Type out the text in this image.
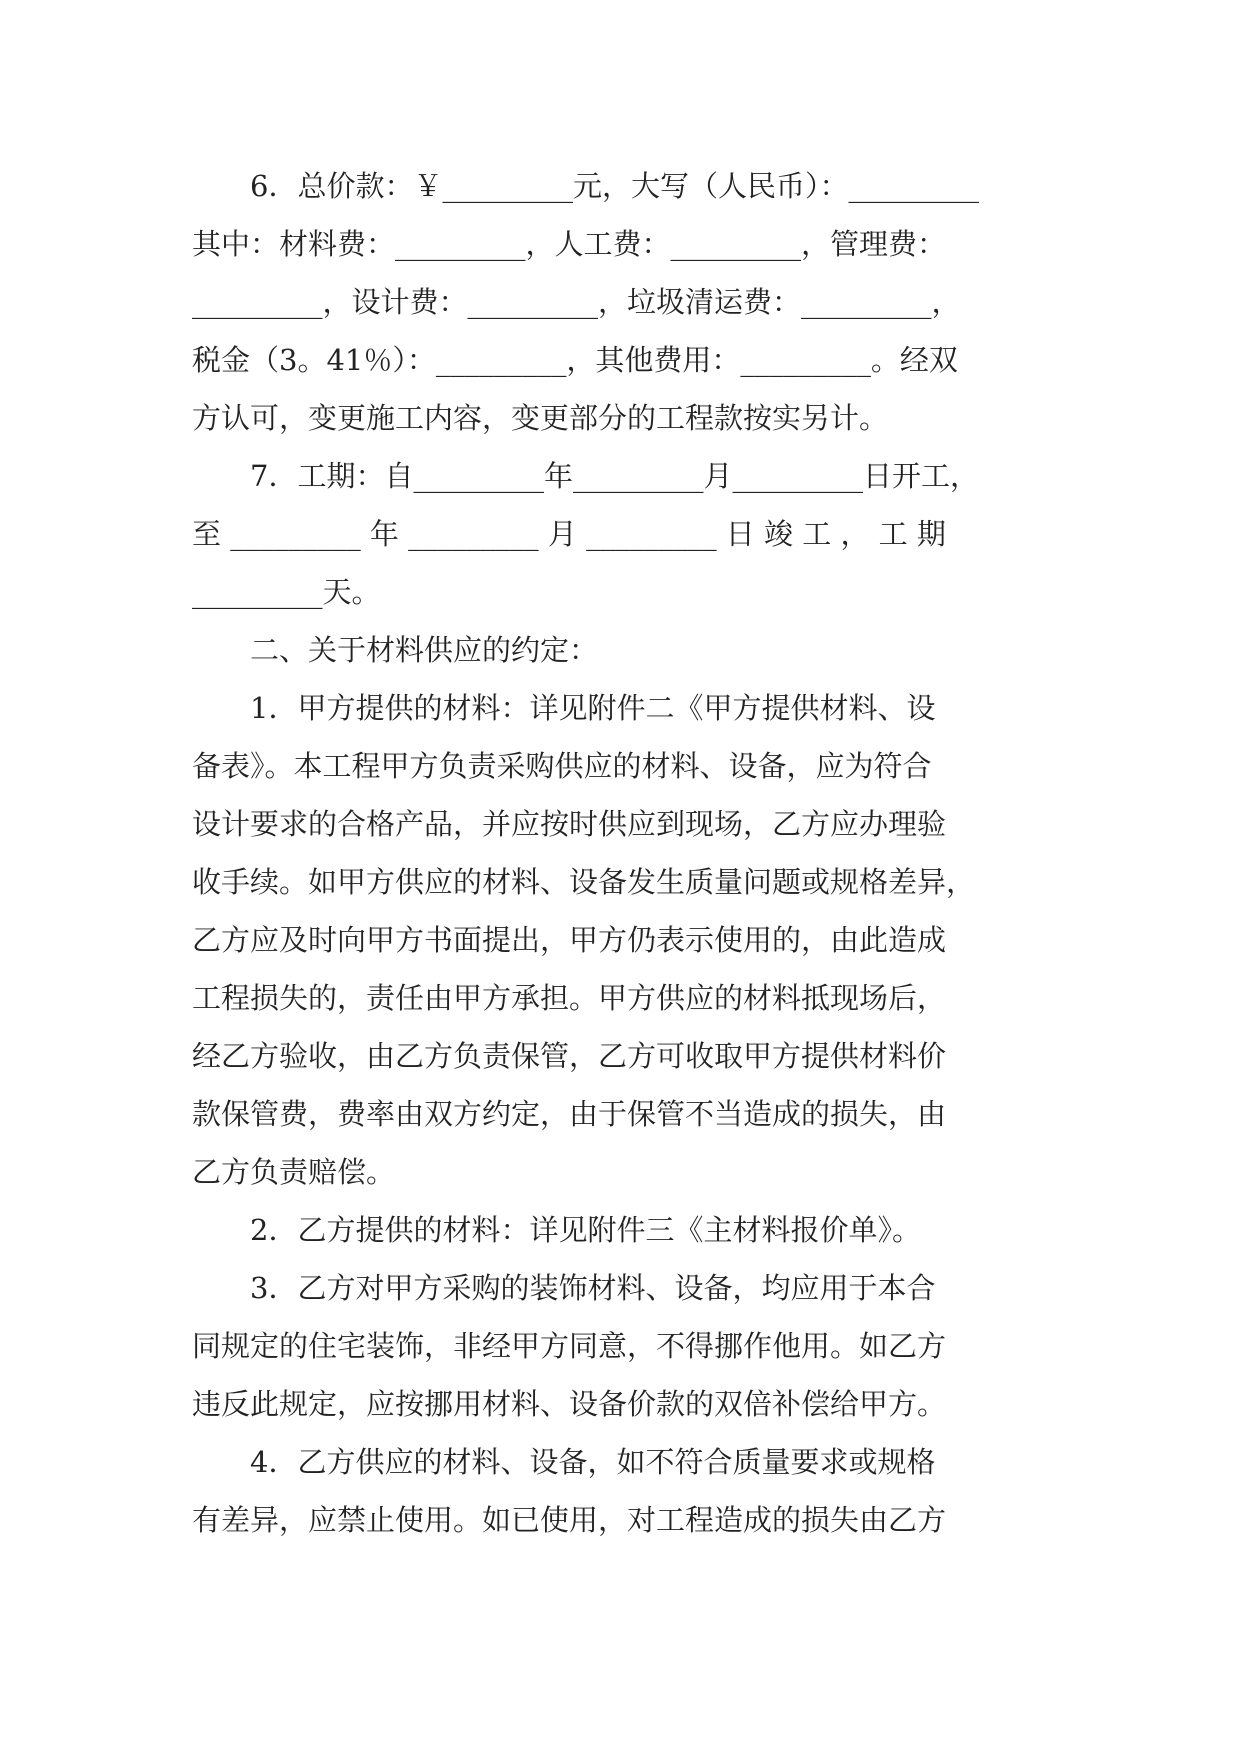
6．总价款：￥_________元，大写（人民币）：_________
其中：材料费：_________，人工费：_________，管理费：
_________，设计费：_________，垃圾清运费：_________，
税金（3。41％）：_________，其他费用：_________。经双
方认可，变更施工内容，变更部分的工程款按实另计。
7．工期：自_________年_________月_________日开工，
至 _________ 年 _________ 月 _________ 日 竣 工 ， 工 期
_________天。
二、关于材料供应的约定：
1．甲方提供的材料：详见附件二《甲方提供材料、设
备表》。本工程甲方负责采购供应的材料、设备，应为符合
设计要求的合格产品，并应按时供应到现场，乙方应办理验
收手续。如甲方供应的材料、设备发生质量问题或规格差异，
乙方应及时向甲方书面提出，甲方仍表示使用的，由此造成
工程损失的，责任由甲方承担。甲方供应的材料抵现场后，
经乙方验收，由乙方负责保管，乙方可收取甲方提供材料价
款保管费，费率由双方约定，由于保管不当造成的损失，由
乙方负责赔偿。
2．乙方提供的材料：详见附件三《主材料报价单》。
3．乙方对甲方采购的装饰材料、设备，均应用于本合
同规定的住宅装饰，非经甲方同意，不得挪作他用。如乙方
违反此规定，应按挪用材料、设备价款的双倍补偿给甲方。
4．乙方供应的材料、设备，如不符合质量要求或规格
有差异，应禁止使用。如已使用，对工程造成的损失由乙方
